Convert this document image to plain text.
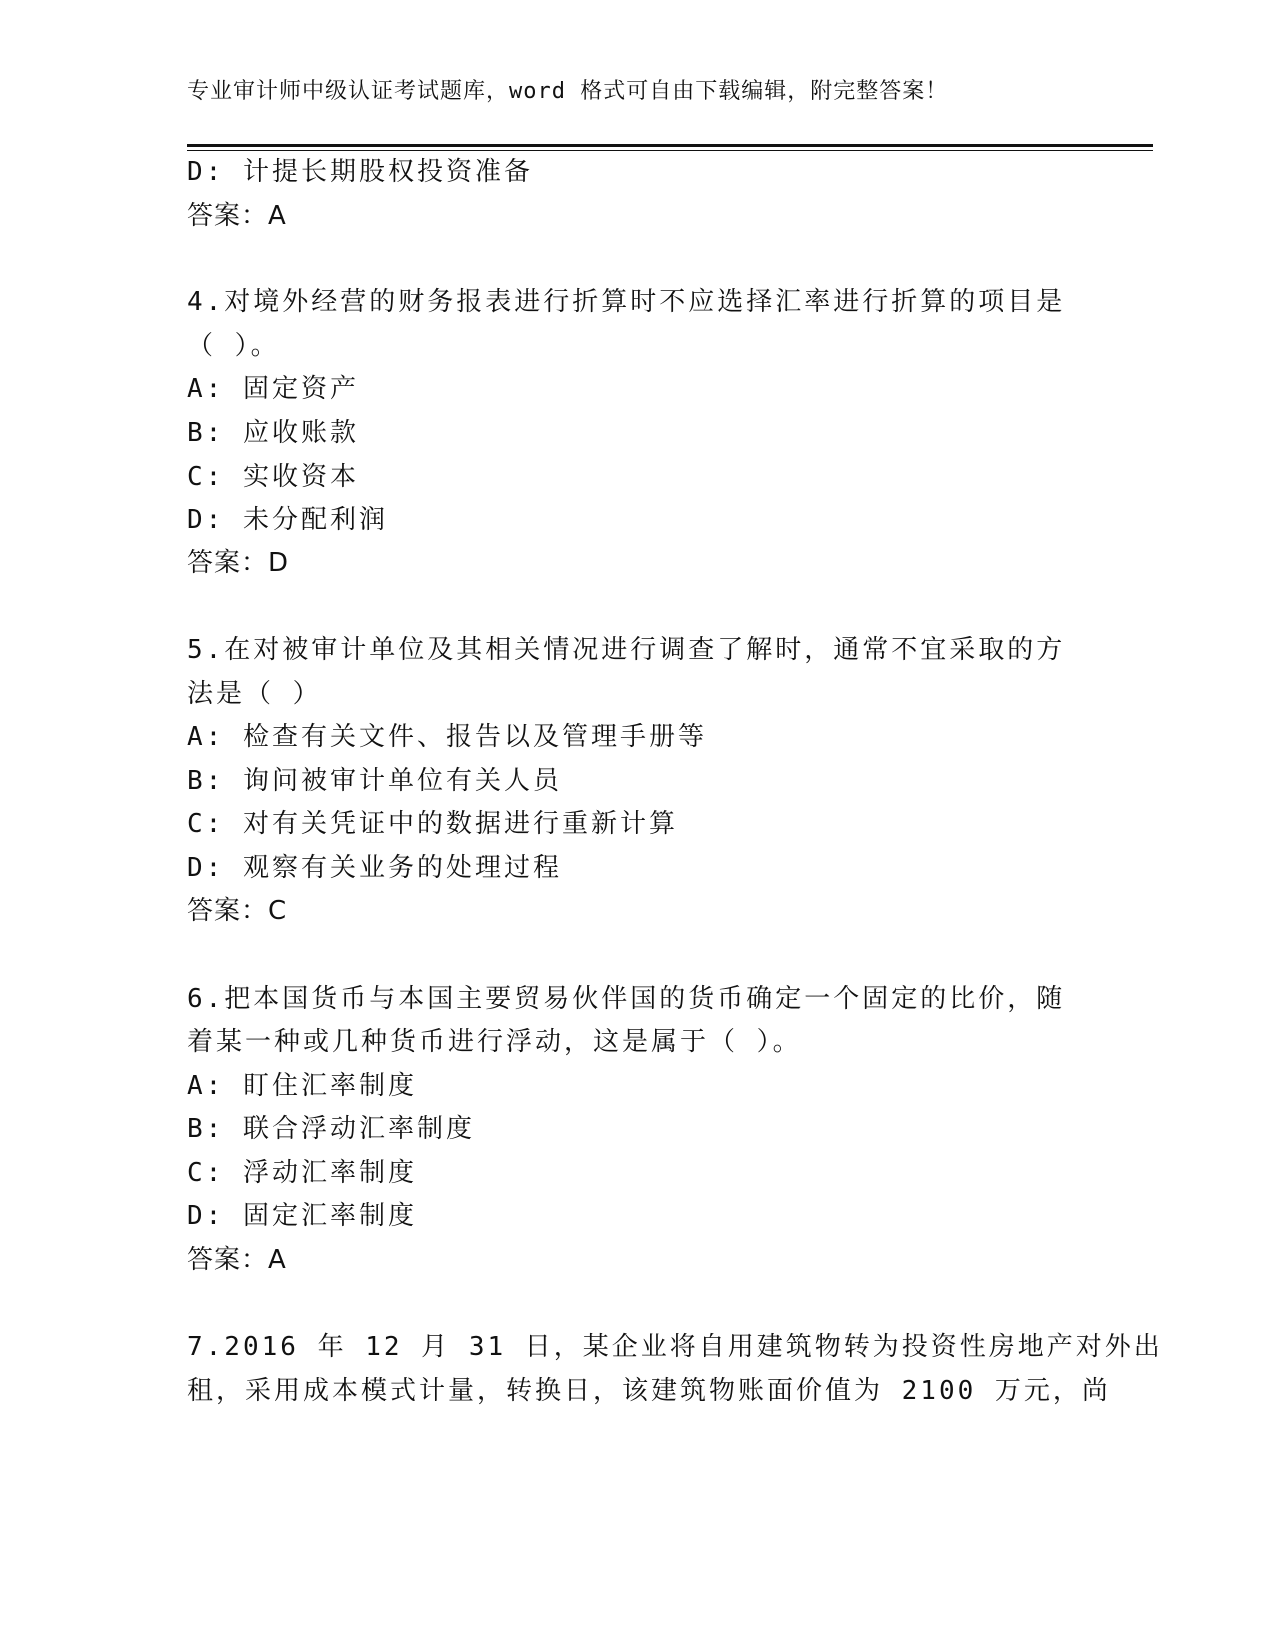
专业审计师中级认证考试题库，word 格式可自由下载编辑，附完整答案！
D: 计提长期股权投资准备
答案：A
4.对境外经营的财务报表进行折算时不应选择汇率进行折算的项目是
（ ）。
A: 固定资产
B: 应收账款
C: 实收资本
D: 未分配利润
答案：D
5.在对被审计单位及其相关情况进行调查了解时，通常不宜采取的方
法是（ ）
A: 检查有关文件、报告以及管理手册等
B: 询问被审计单位有关人员
C: 对有关凭证中的数据进行重新计算
D: 观察有关业务的处理过程
答案：C
6.把本国货币与本国主要贸易伙伴国的货币确定一个固定的比价，随
着某一种或几种货币进行浮动，这是属于（ ）。
A: 盯住汇率制度
B: 联合浮动汇率制度
C: 浮动汇率制度
D: 固定汇率制度
答案：A
7.2016 年 12 月 31 日，某企业将自用建筑物转为投资性房地产对外出
租，采用成本模式计量，转换日，该建筑物账面价值为 2100 万元，尚
